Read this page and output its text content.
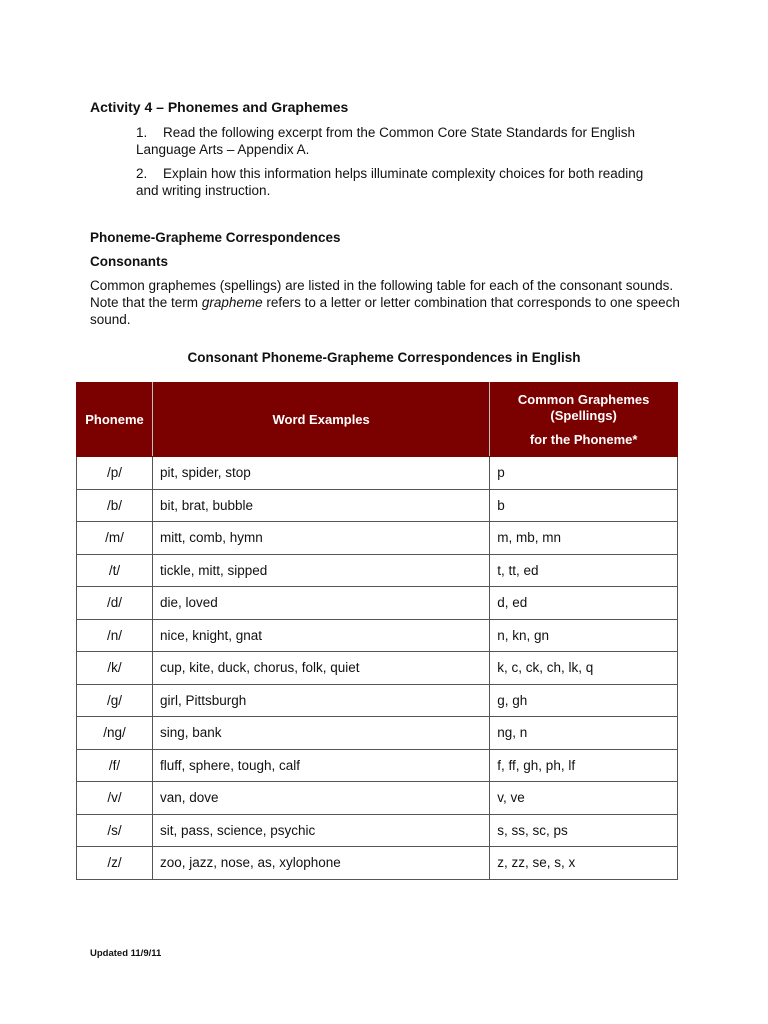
Activity 4 – Phonemes and Graphemes
1. Read the following excerpt from the Common Core State Standards for English Language Arts – Appendix A.
2. Explain how this information helps illuminate complexity choices for both reading and writing instruction.
Phoneme-Grapheme Correspondences
Consonants

Common graphemes (spellings) are listed in the following table for each of the consonant sounds. Note that the term grapheme refers to a letter or letter combination that corresponds to one speech sound.

Consonant Phoneme-Grapheme Correspondences in English

Phoneme	Word Examples	Common Graphemes (Spellings)
for the Phoneme*

/p/	pit, spider, stop	p
/b/	bit, brat, bubble	b
/m/	mitt, comb, hymn	m, mb, mn
/t/	tickle, mitt, sipped	t, tt, ed
/d/	die, loved	d, ed
/n/	nice, knight, gnat	n, kn, gn
/k/	cup, kite, duck, chorus, folk, quiet	k, c, ck, ch, lk, q
/g/	girl, Pittsburgh	g, gh
/ng/	sing, bank	ng, n
/f/	fluff, sphere, tough, calf	f, ff, gh, ph, lf
/v/	van, dove	v, ve
/s/	sit, pass, science, psychic	s, ss, sc, ps
/z/	zoo, jazz, nose, as, xylophone	z, zz, se, s, x

Updated 11/9/11
